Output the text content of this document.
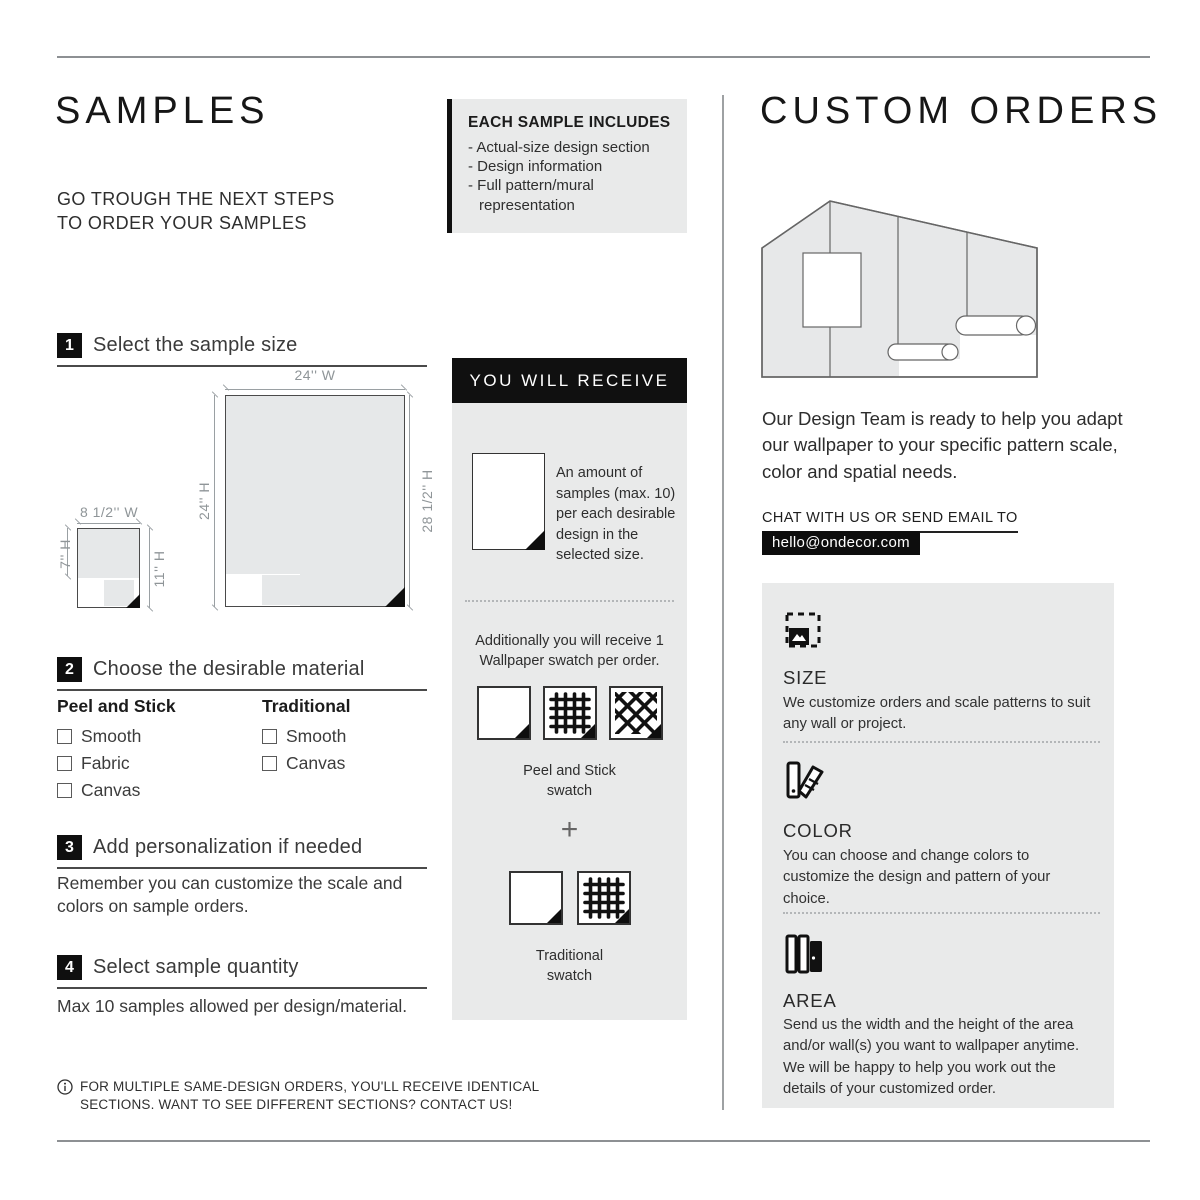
SAMPLES
GO TROUGH THE NEXT STEPS
TO ORDER YOUR SAMPLES
1 Select the sample size
24'' W
24'' H	28 1/2'' H
8 1/2'' W
7'' H	11'' H
2 Choose the desirable material
Peel and Stick
Smooth
Fabric
Canvas
Traditional
Smooth
Canvas
3 Add personalization if needed
Remember you can customize the scale and colors on sample orders.
4 Select sample quantity
Max 10 samples allowed per design/material.
FOR MULTIPLE SAME-DESIGN ORDERS, YOU'LL RECEIVE IDENTICAL
SECTIONS. WANT TO SEE DIFFERENT SECTIONS? CONTACT US!
EACH SAMPLE INCLUDES
- Actual-size design section
- Design information
- Full pattern/mural representation
YOU WILL RECEIVE
An amount of samples (max. 10) per each desirable design in the selected size.
Additionally you will receive 1 Wallpaper swatch per order.
Peel and Stick swatch
+
Traditional swatch
CUSTOM ORDERS
Our Design Team is ready to help you adapt our wallpaper to your specific pattern scale, color and spatial needs.
CHAT WITH US OR SEND EMAIL TO
hello@ondecor.com
SIZE
We customize orders and scale patterns to suit any wall or project.
COLOR
You can choose and change colors to customize the design and pattern of your choice.
AREA
Send us the width and the height of the area and/or wall(s) you want to wallpaper anytime. We will be happy to help you work out the details of your customized order.
